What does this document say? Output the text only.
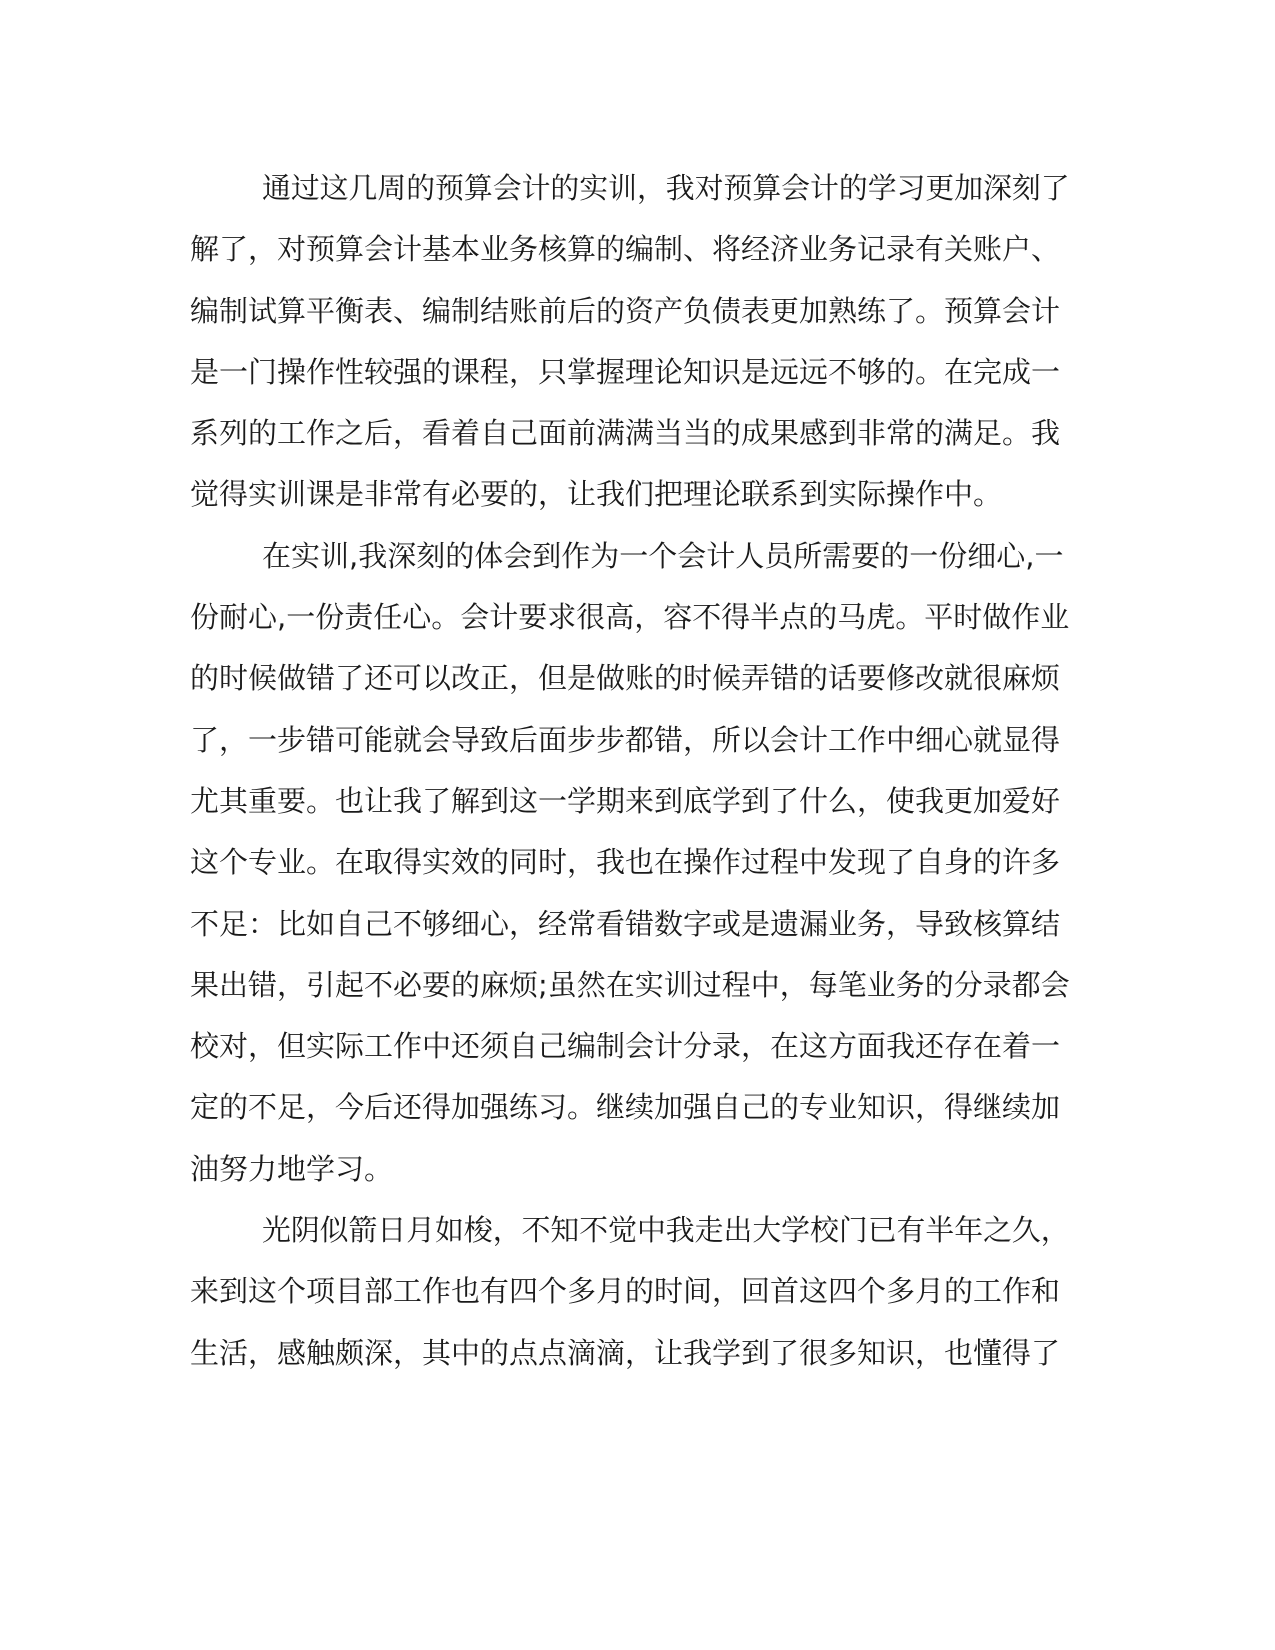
通过这几周的预算会计的实训，我对预算会计的学习更加深刻了
解了，对预算会计基本业务核算的编制、将经济业务记录有关账户、
编制试算平衡表、编制结账前后的资产负债表更加熟练了。预算会计
是一门操作性较强的课程，只掌握理论知识是远远不够的。在完成一
系列的工作之后，看着自己面前满满当当的成果感到非常的满足。我
觉得实训课是非常有必要的，让我们把理论联系到实际操作中。
在实训,我深刻的体会到作为一个会计人员所需要的一份细心,一
份耐心,一份责任心。会计要求很高，容不得半点的马虎。平时做作业
的时候做错了还可以改正，但是做账的时候弄错的话要修改就很麻烦
了，一步错可能就会导致后面步步都错，所以会计工作中细心就显得
尤其重要。也让我了解到这一学期来到底学到了什么，使我更加爱好
这个专业。在取得实效的同时，我也在操作过程中发现了自身的许多
不足：比如自己不够细心，经常看错数字或是遗漏业务，导致核算结
果出错，引起不必要的麻烦;虽然在实训过程中，每笔业务的分录都会
校对，但实际工作中还须自己编制会计分录，在这方面我还存在着一
定的不足，今后还得加强练习。继续加强自己的专业知识，得继续加
油努力地学习。
光阴似箭日月如梭，不知不觉中我走出大学校门已有半年之久，
来到这个项目部工作也有四个多月的时间，回首这四个多月的工作和
生活，感触颇深，其中的点点滴滴，让我学到了很多知识，也懂得了
